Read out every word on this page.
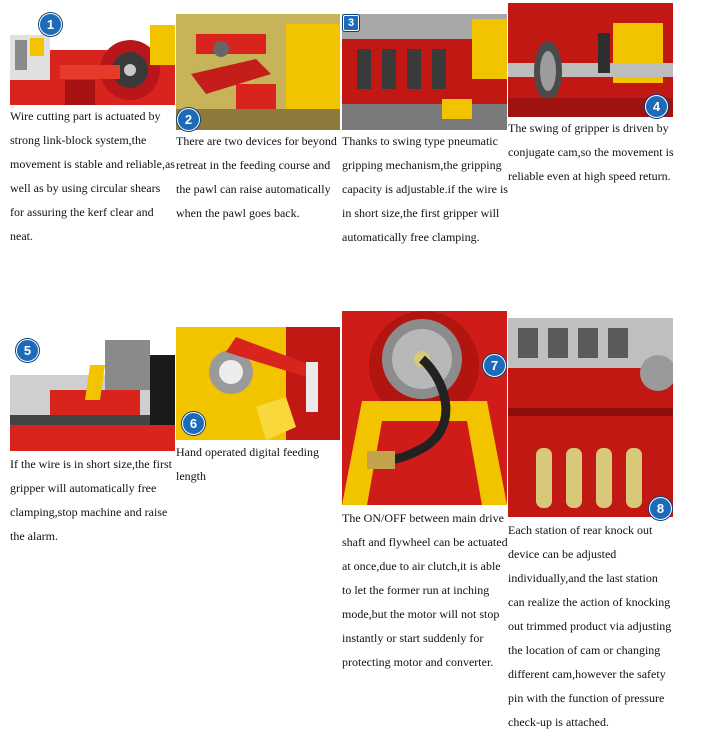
1

Wire cutting part is actuated by strong link-block system,the movement is stable and reliable,as well as by using circular shears for assuring the kerf clear and neat.

2

There are two devices for beyond retreat in the feeding course and the pawl can raise automatically when the pawl goes back.

3

Thanks to swing type pneumatic gripping mechanism,the gripping capacity is adjustable.if the wire is in short size,the first gripper will automatically free clamping.

4

The swing of gripper is driven by conjugate cam,so the movement is reliable even at high speed return.

5

If the wire is in short size,the first gripper will automatically free clamping,stop machine and raise the alarm.

6

Hand operated digital feeding length

7

The ON/OFF between main drive shaft and flywheel can be actuated at once,due to air clutch,it is able to let the former run at inching mode,but the motor will not stop instantly or start suddenly for protecting motor and converter.

8

Each station of rear knock out device can be adjusted individually,and the last station can realize the action of knocking out trimmed product via adjusting the location of cam or changing different cam,however the safety pin with the function of pressure check-up is attached.
